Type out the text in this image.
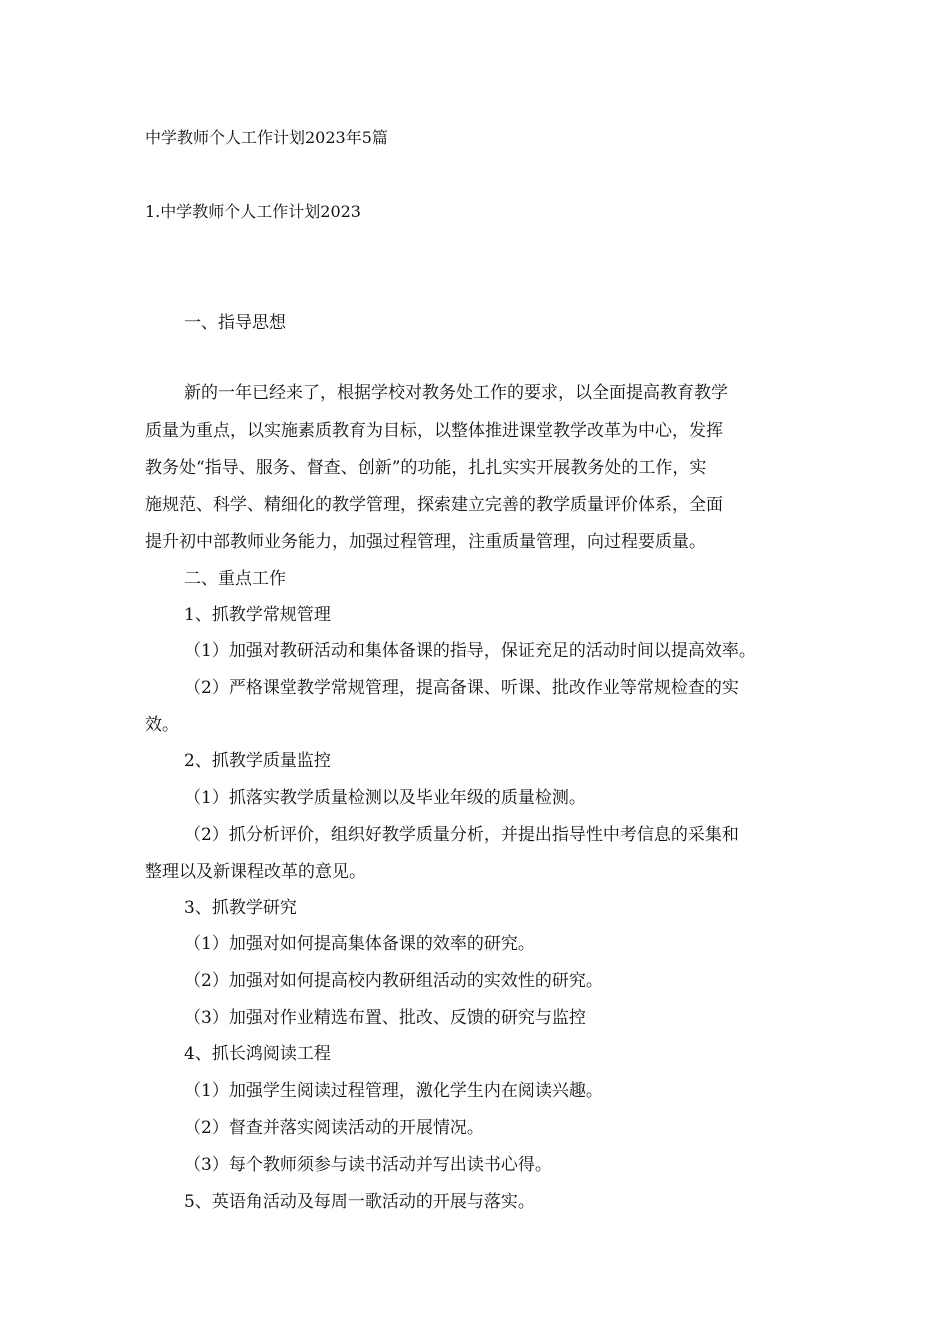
中学教师个人工作计划2023年5篇
1.中学教师个人工作计划2023
一、指导思想
新的一年已经来了，根据学校对教务处工作的要求，以全面提高教育教学
质量为重点，以实施素质教育为目标，以整体推进课堂教学改革为中心，发挥
教务处“指导、服务、督查、创新”的功能，扎扎实实开展教务处的工作，实
施规范、科学、精细化的教学管理，探索建立完善的教学质量评价体系，全面
提升初中部教师业务能力，加强过程管理，注重质量管理，向过程要质量。
二、重点工作
1、抓教学常规管理
（1）加强对教研活动和集体备课的指导，保证充足的活动时间以提高效率。
（2）严格课堂教学常规管理，提高备课、听课、批改作业等常规检查的实
效。
2、抓教学质量监控
（1）抓落实教学质量检测以及毕业年级的质量检测。
（2）抓分析评价，组织好教学质量分析，并提出指导性中考信息的采集和
整理以及新课程改革的意见。
3、抓教学研究
（1）加强对如何提高集体备课的效率的研究。
（2）加强对如何提高校内教研组活动的实效性的研究。
（3）加强对作业精选布置、批改、反馈的研究与监控
4、抓长鸿阅读工程
（1）加强学生阅读过程管理，激化学生内在阅读兴趣。
（2）督查并落实阅读活动的开展情况。
（3）每个教师须参与读书活动并写出读书心得。
5、英语角活动及每周一歌活动的开展与落实。
